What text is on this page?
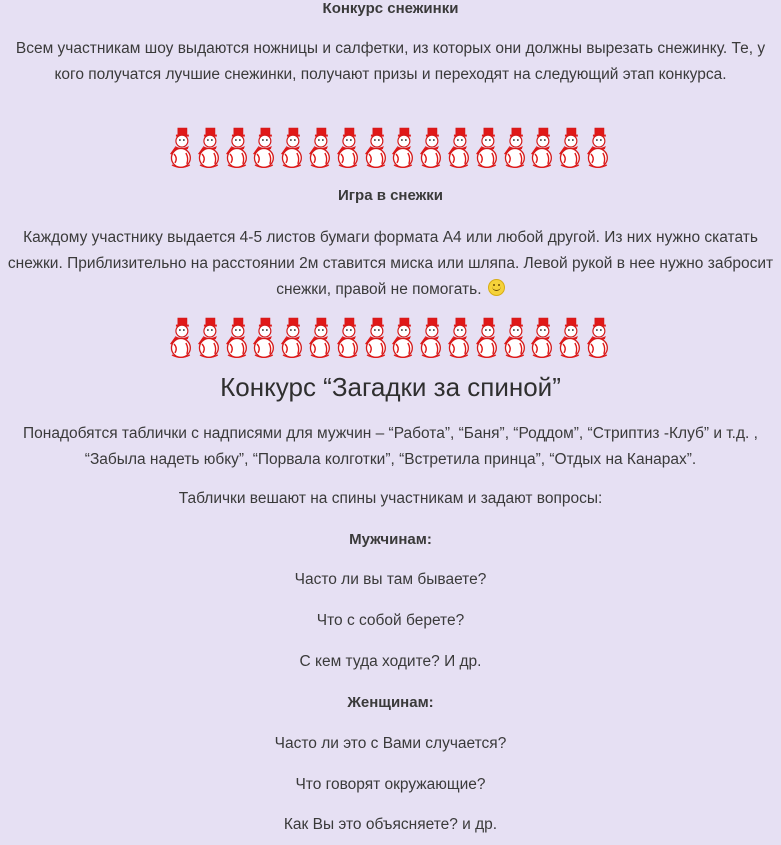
Конкурс снежинки
Всем участникам шоу выдаются ножницы и салфетки, из которых они должны вырезать снежинку. Те, у кого получатся лучшие снежинки, получают призы и переходят на следующий этап конкурса.
Игра в снежки
Каждому участнику выдается 4-5 листов бумаги формата А4 или любой другой. Из них нужно скатать снежки. Приблизительно на расстоянии 2м ставится миска или шляпа. Левой рукой в нее нужно забросит снежки, правой не помогать.
Конкурс “Загадки за спиной”
Понадобятся таблички с надписями для мужчин – “Работа”, “Баня”, “Роддом”, “Стриптиз -Клуб” и т.д. , “Забыла надеть юбку”, “Порвала колготки”, “Встретила принца”, “Отдых на Канарах”.
Таблички вешают на спины участникам и задают вопросы:
Мужчинам:
Часто ли вы там бываете?
Что с собой берете?
С кем туда ходите? И др.
Женщинам:
Часто ли это с Вами случается?
Что говорят окружающие?
Как Вы это объясняете? и др.
